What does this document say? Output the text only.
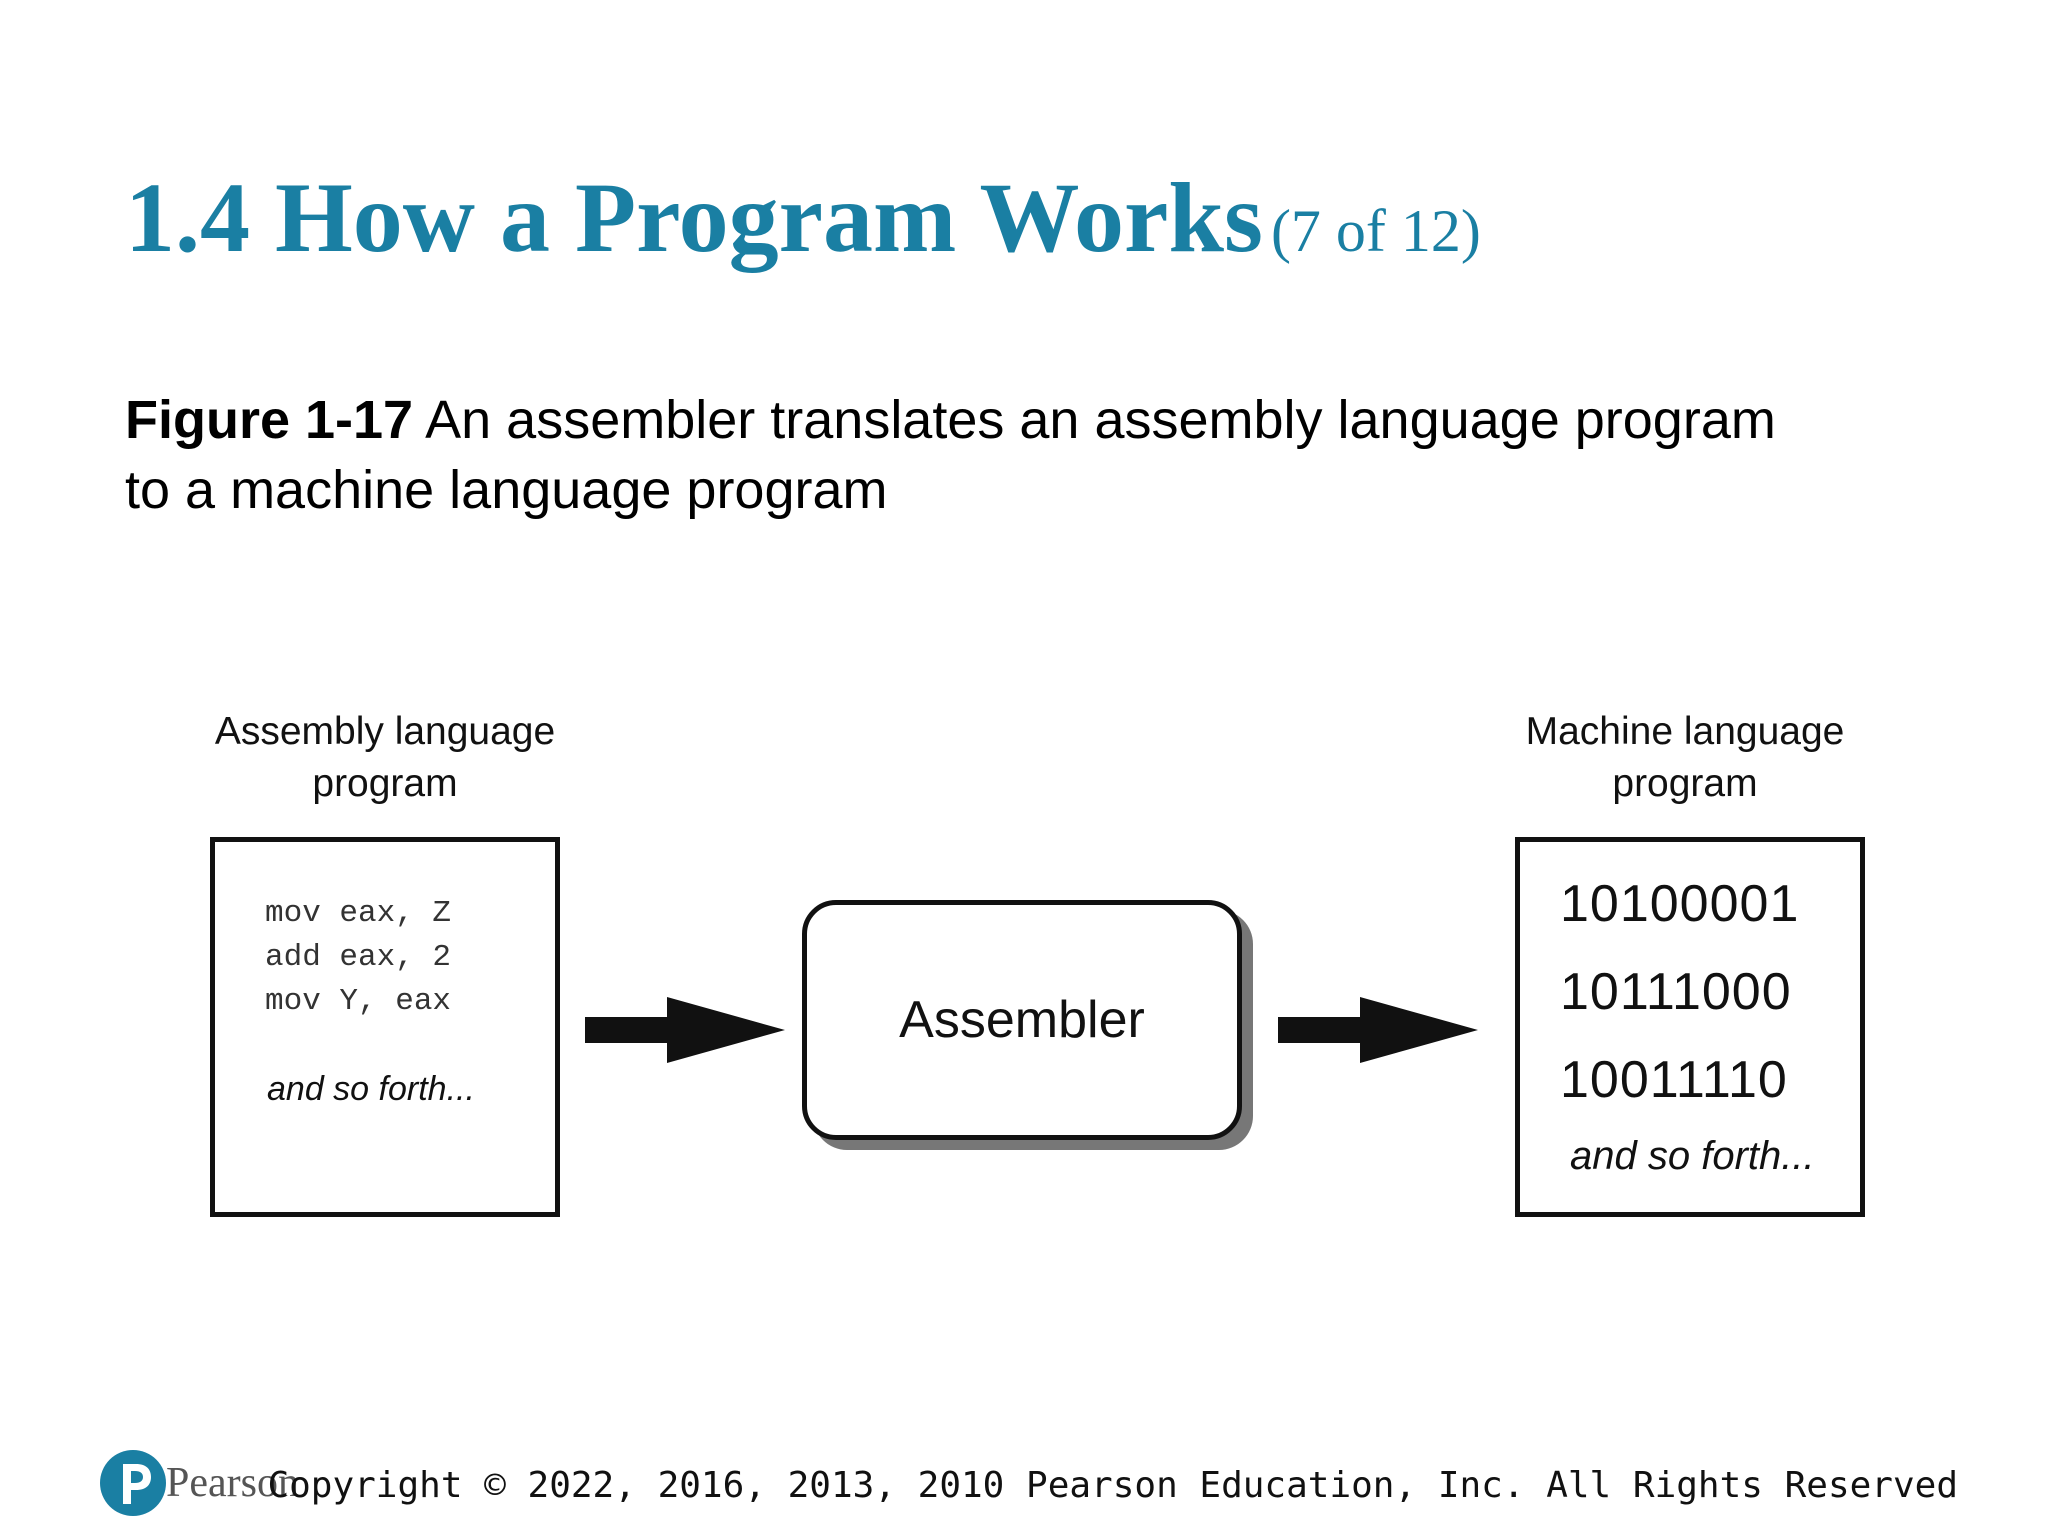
1.4 How a Program Works (7 of 12)

Figure 1-17 An assembler translates an assembly language program
to a machine language program

Assembly language
program
mov eax, Z
add eax, 2
mov Y, eax
and so forth...
Assembler
Machine language
program
10100001
10111000
10011110
and so forth...
Pearson
Copyright © 2022, 2016, 2013, 2010 Pearson Education, Inc. All Rights Reserved
